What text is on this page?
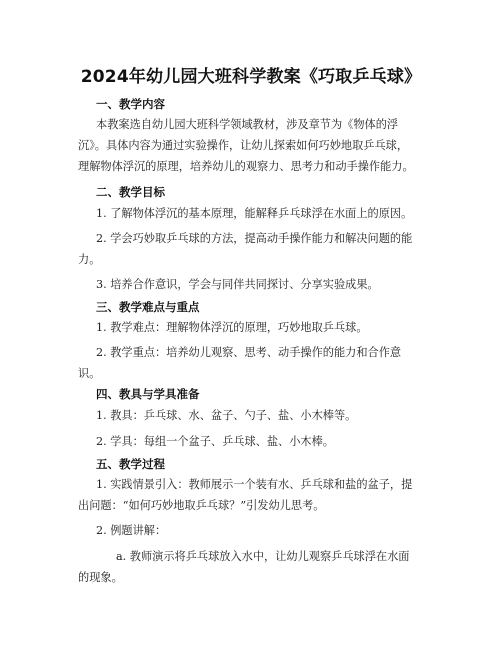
2024年幼儿园大班科学教案《巧取乒乓球》
一、教学内容
本教案选自幼儿园大班科学领域教材，涉及章节为《物体的浮
沉》。具体内容为通过实验操作，让幼儿探索如何巧妙地取乒乓球，
理解物体浮沉的原理，培养幼儿的观察力、思考力和动手操作能力。
二、教学目标
1. 了解物体浮沉的基本原理，能解释乒乓球浮在水面上的原因。
2. 学会巧妙取乒乓球的方法，提高动手操作能力和解决问题的能
力。
3. 培养合作意识，学会与同伴共同探讨、分享实验成果。
三、教学难点与重点
1. 教学难点：理解物体浮沉的原理，巧妙地取乒乓球。
2. 教学重点：培养幼儿观察、思考、动手操作的能力和合作意
识。
四、教具与学具准备
1. 教具：乒乓球、水、盆子、勺子、盐、小木棒等。
2. 学具：每组一个盆子、乒乓球、盐、小木棒。
五、教学过程
1. 实践情景引入：教师展示一个装有水、乒乓球和盐的盆子，提
出问题：“如何巧妙地取乒乓球？”引发幼儿思考。
2. 例题讲解：
a. 教师演示将乒乓球放入水中，让幼儿观察乒乓球浮在水面
的现象。
